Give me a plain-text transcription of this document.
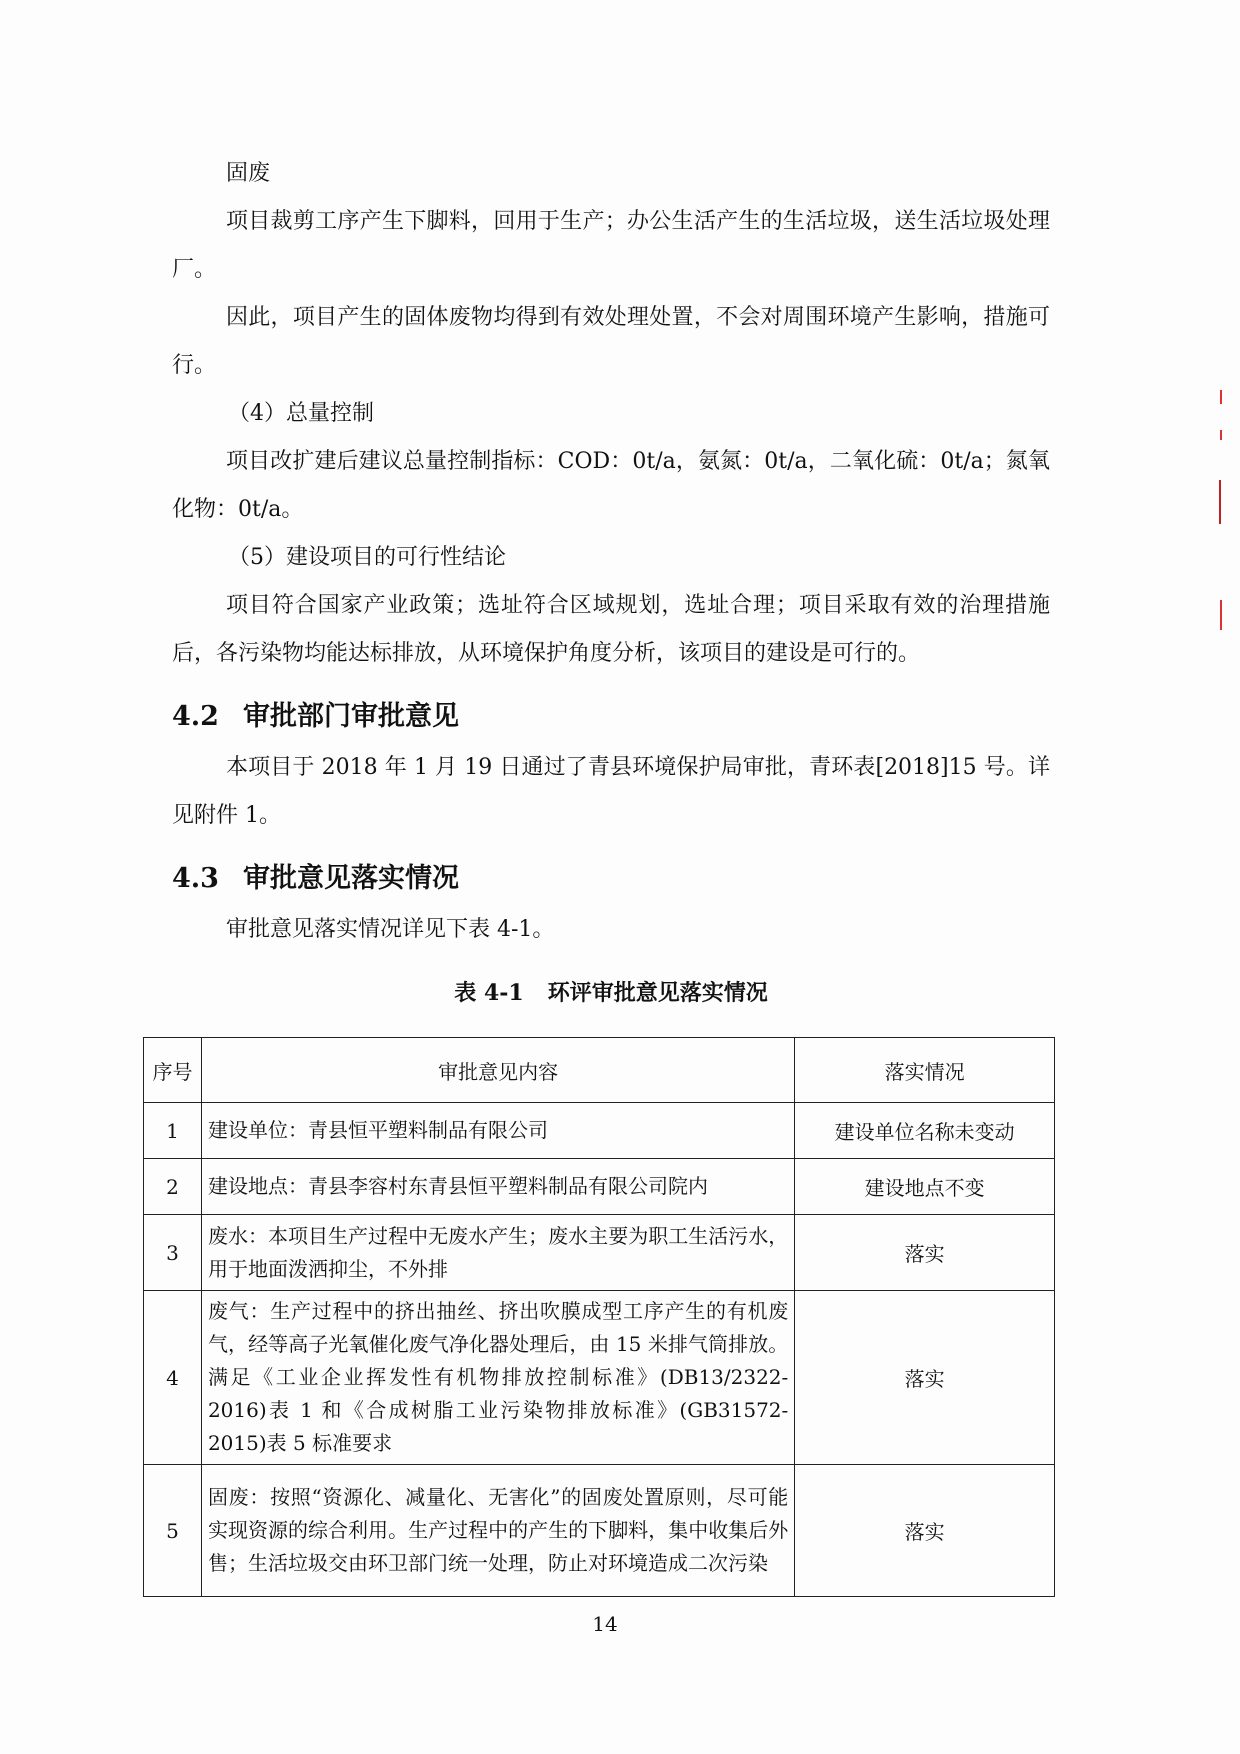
固废

项目裁剪工序产生下脚料，回用于生产；办公生活产生的生活垃圾，送生活垃圾处理厂。

因此，项目产生的固体废物均得到有效处理处置，不会对周围环境产生影响，措施可行。

（4）总量控制

项目改扩建后建议总量控制指标：COD：0t/a，氨氮：0t/a，二氧化硫：0t/a；氮氧化物：0t/a。

（5）建设项目的可行性结论

项目符合国家产业政策；选址符合区域规划，选址合理；项目采取有效的治理措施后，各污染物均能达标排放，从环境保护角度分析，该项目的建设是可行的。

4.2 审批部门审批意见

本项目于 2018 年 1 月 19 日通过了青县环境保护局审批，青环表[2018]15 号。详见附件 1。

4.3 审批意见落实情况

审批意见落实情况详见下表 4-1。

表 4-1 环评审批意见落实情况
序号	审批意见内容	落实情况
1	建设单位：青县恒平塑料制品有限公司	建设单位名称未变动
2	建设地点：青县李容村东青县恒平塑料制品有限公司院内	建设地点不变
3	废水：本项目生产过程中无废水产生；废水主要为职工生活污水，用于地面泼洒抑尘，不外排	落实
4	废气：生产过程中的挤出抽丝、挤出吹膜成型工序产生的有机废气，经等高子光氧催化废气净化器处理后，由 15 米排气筒排放。满足《工业企业挥发性有机物排放控制标准》(DB13/2322-2016)表 1 和《合成树脂工业污染物排放标准》(GB31572-2015)表 5 标准要求	落实
5	固废：按照“资源化、减量化、无害化”的固废处置原则，尽可能实现资源的综合利用。生产过程中的产生的下脚料，集中收集后外售；生活垃圾交由环卫部门统一处理，防止对环境造成二次污染	落实
14
